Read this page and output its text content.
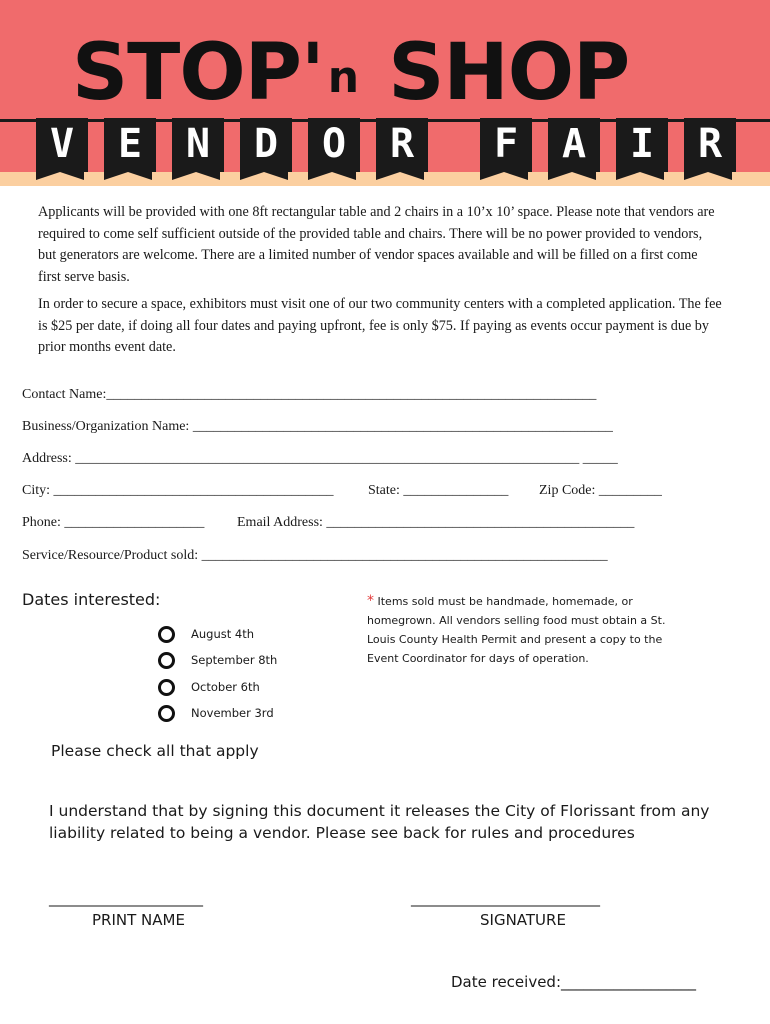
STOP'n SHOP
V	E	N	D	O	R	F	A	I	R
Applicants will be provided with one 8ft rectangular table and 2 chairs in a 10’x 10’ space. Please note that vendors are required to come self sufficient outside of the provided table and chairs. There will be no power provided to vendors, but generators are welcome. There are a limited number of vendor spaces available and will be filled on a first come first serve basis.
In order to secure a space, exhibitors must visit one of our two community centers with a completed application. The fee is $25 per date, if doing all four dates and paying upfront, fee is only $75. If paying as events occur payment is due by prior months event date.
Contact Name:______________________________________________________________________
Business/Organization Name: ____________________________________________________________
Address: ________________________________________________________________________ _____
City: ________________________________________ State: _______________ Zip Code: _________
Phone: ____________________ Email Address: ____________________________________________
Service/Resource/Product sold: __________________________________________________________
Dates interested:
August 4th
September 8th
October 6th
November 3rd
* Items sold must be handmade, homemade, or homegrown. All vendors selling food must obtain a St. Louis County Health Permit and present a copy to the Event Coordinator for days of operation.
Please check all that apply
I understand that by signing this document it releases the City of Florissant from any liability related to being a vendor. Please see back for rules and procedures
______________________
PRINT NAME
___________________________
SIGNATURE
Date received:__________________
